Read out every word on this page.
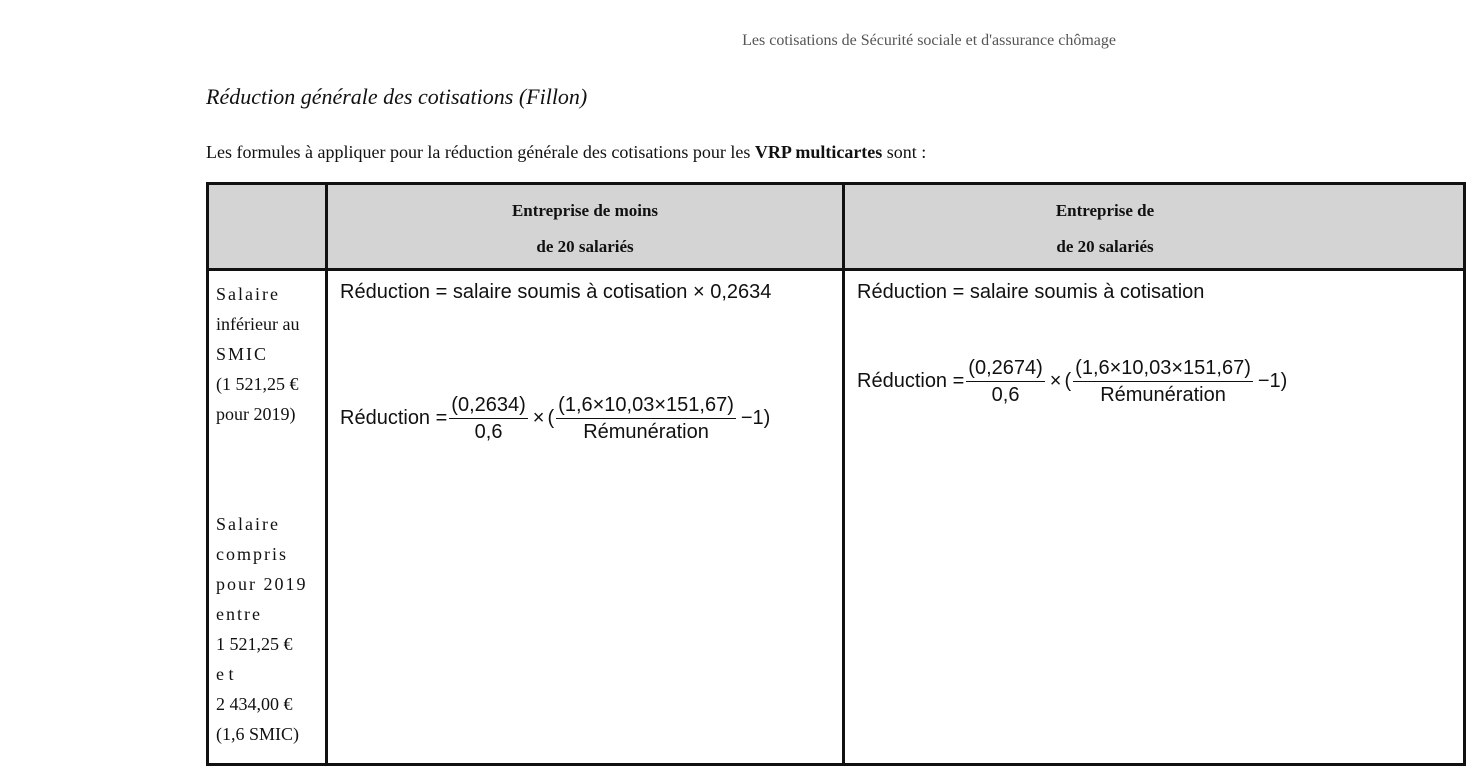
Les cotisations de Sécurité sociale et d'assurance chômage
Réduction générale des cotisations (Fillon)
Les formules à appliquer pour la réduction générale des cotisations pour les VRP multicartes sont :
Entreprise de moins
de 20 salariés
Entreprise de
de 20 salariés
Salaire
inférieur au
SMIC
(1 521,25 €
pour 2019)
Salaire
compris
pour 2019
entre
1 521,25 €
e t
2 434,00 €
(1,6 SMIC)
Réduction = salaire soumis à cotisation × 0,2634
Réduction = $\frac{(0,2634)}{0,6}$ × ( $\frac{(1,6\times 10,03\times 151,67)}{\text{Rémunération}} -1$)
Réduction = salaire soumis à cotisation
Réduction = $\frac{(0,2674)}{0,6}$ × ( $\frac{(1,6\times 10,03\times 151,67)}{\text{Rémunération}} -1$)
